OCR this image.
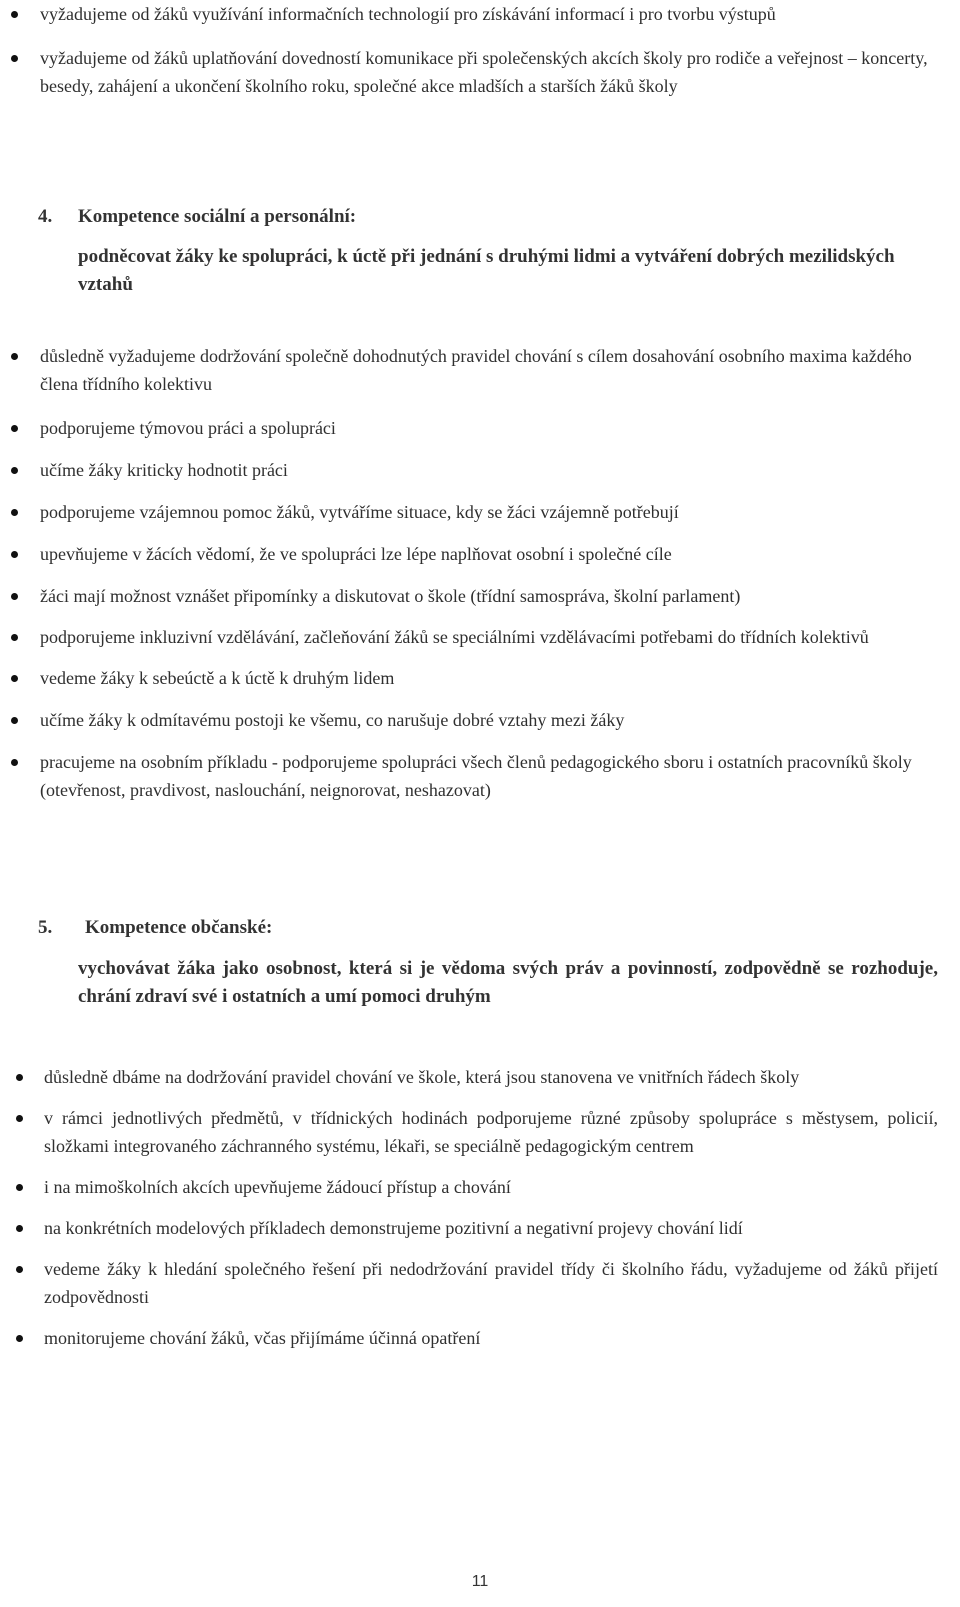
vyžadujeme od žáků využívání informačních technologií pro získávání informací i pro tvorbu výstupů
vyžadujeme od žáků uplatňování dovedností komunikace při společenských akcích školy pro rodiče a veřejnost – koncerty, besedy, zahájení a ukončení školního roku, společné akce mladších a starších žáků školy
4. Kompetence sociální a personální:
podněcovat žáky ke spolupráci, k úctě při jednání s druhými lidmi a vytváření dobrých mezilidských vztahů
důsledně vyžadujeme dodržování společně dohodnutých pravidel chování s cílem dosahování osobního maxima každého člena třídního kolektivu
podporujeme týmovou práci a spolupráci
učíme žáky kriticky hodnotit práci
podporujeme vzájemnou pomoc žáků, vytváříme situace, kdy se žáci vzájemně potřebují
upevňujeme v žácích vědomí, že ve spolupráci lze lépe naplňovat osobní i společné cíle
žáci mají možnost vznášet připomínky a diskutovat o škole (třídní samospráva, školní parlament)
podporujeme inkluzivní vzdělávání, začleňování žáků se speciálními vzdělávacími potřebami do třídních kolektivů
vedeme žáky k sebeúctě a k úctě k druhým lidem
učíme žáky k odmítavému postoji ke všemu, co narušuje dobré vztahy mezi žáky
pracujeme na osobním příkladu - podporujeme spolupráci všech členů pedagogického sboru i ostatních pracovníků školy (otevřenost, pravdivost, naslouchání, neignorovat, neshazovat)
5. Kompetence občanské:
vychovávat žáka jako osobnost, která si je vědoma svých práv a povinností, zodpovědně se rozhoduje, chrání zdraví své i ostatních a umí pomoci druhým
důsledně dbáme na dodržování pravidel chování ve škole, která jsou stanovena ve vnitřních řádech školy
v rámci jednotlivých předmětů, v třídnických hodinách podporujeme různé způsoby spolupráce s městysem, policií, složkami integrovaného záchranného systému, lékaři, se speciálně pedagogickým centrem
i na mimoškolních akcích upevňujeme žádoucí přístup a chování
na konkrétních modelových příkladech demonstrujeme pozitivní a negativní projevy chování lidí
vedeme žáky k hledání společného řešení při nedodržování pravidel třídy či školního řádu, vyžadujeme od žáků přijetí zodpovědnosti
monitorujeme chování žáků, včas přijímáme účinná opatření
11
